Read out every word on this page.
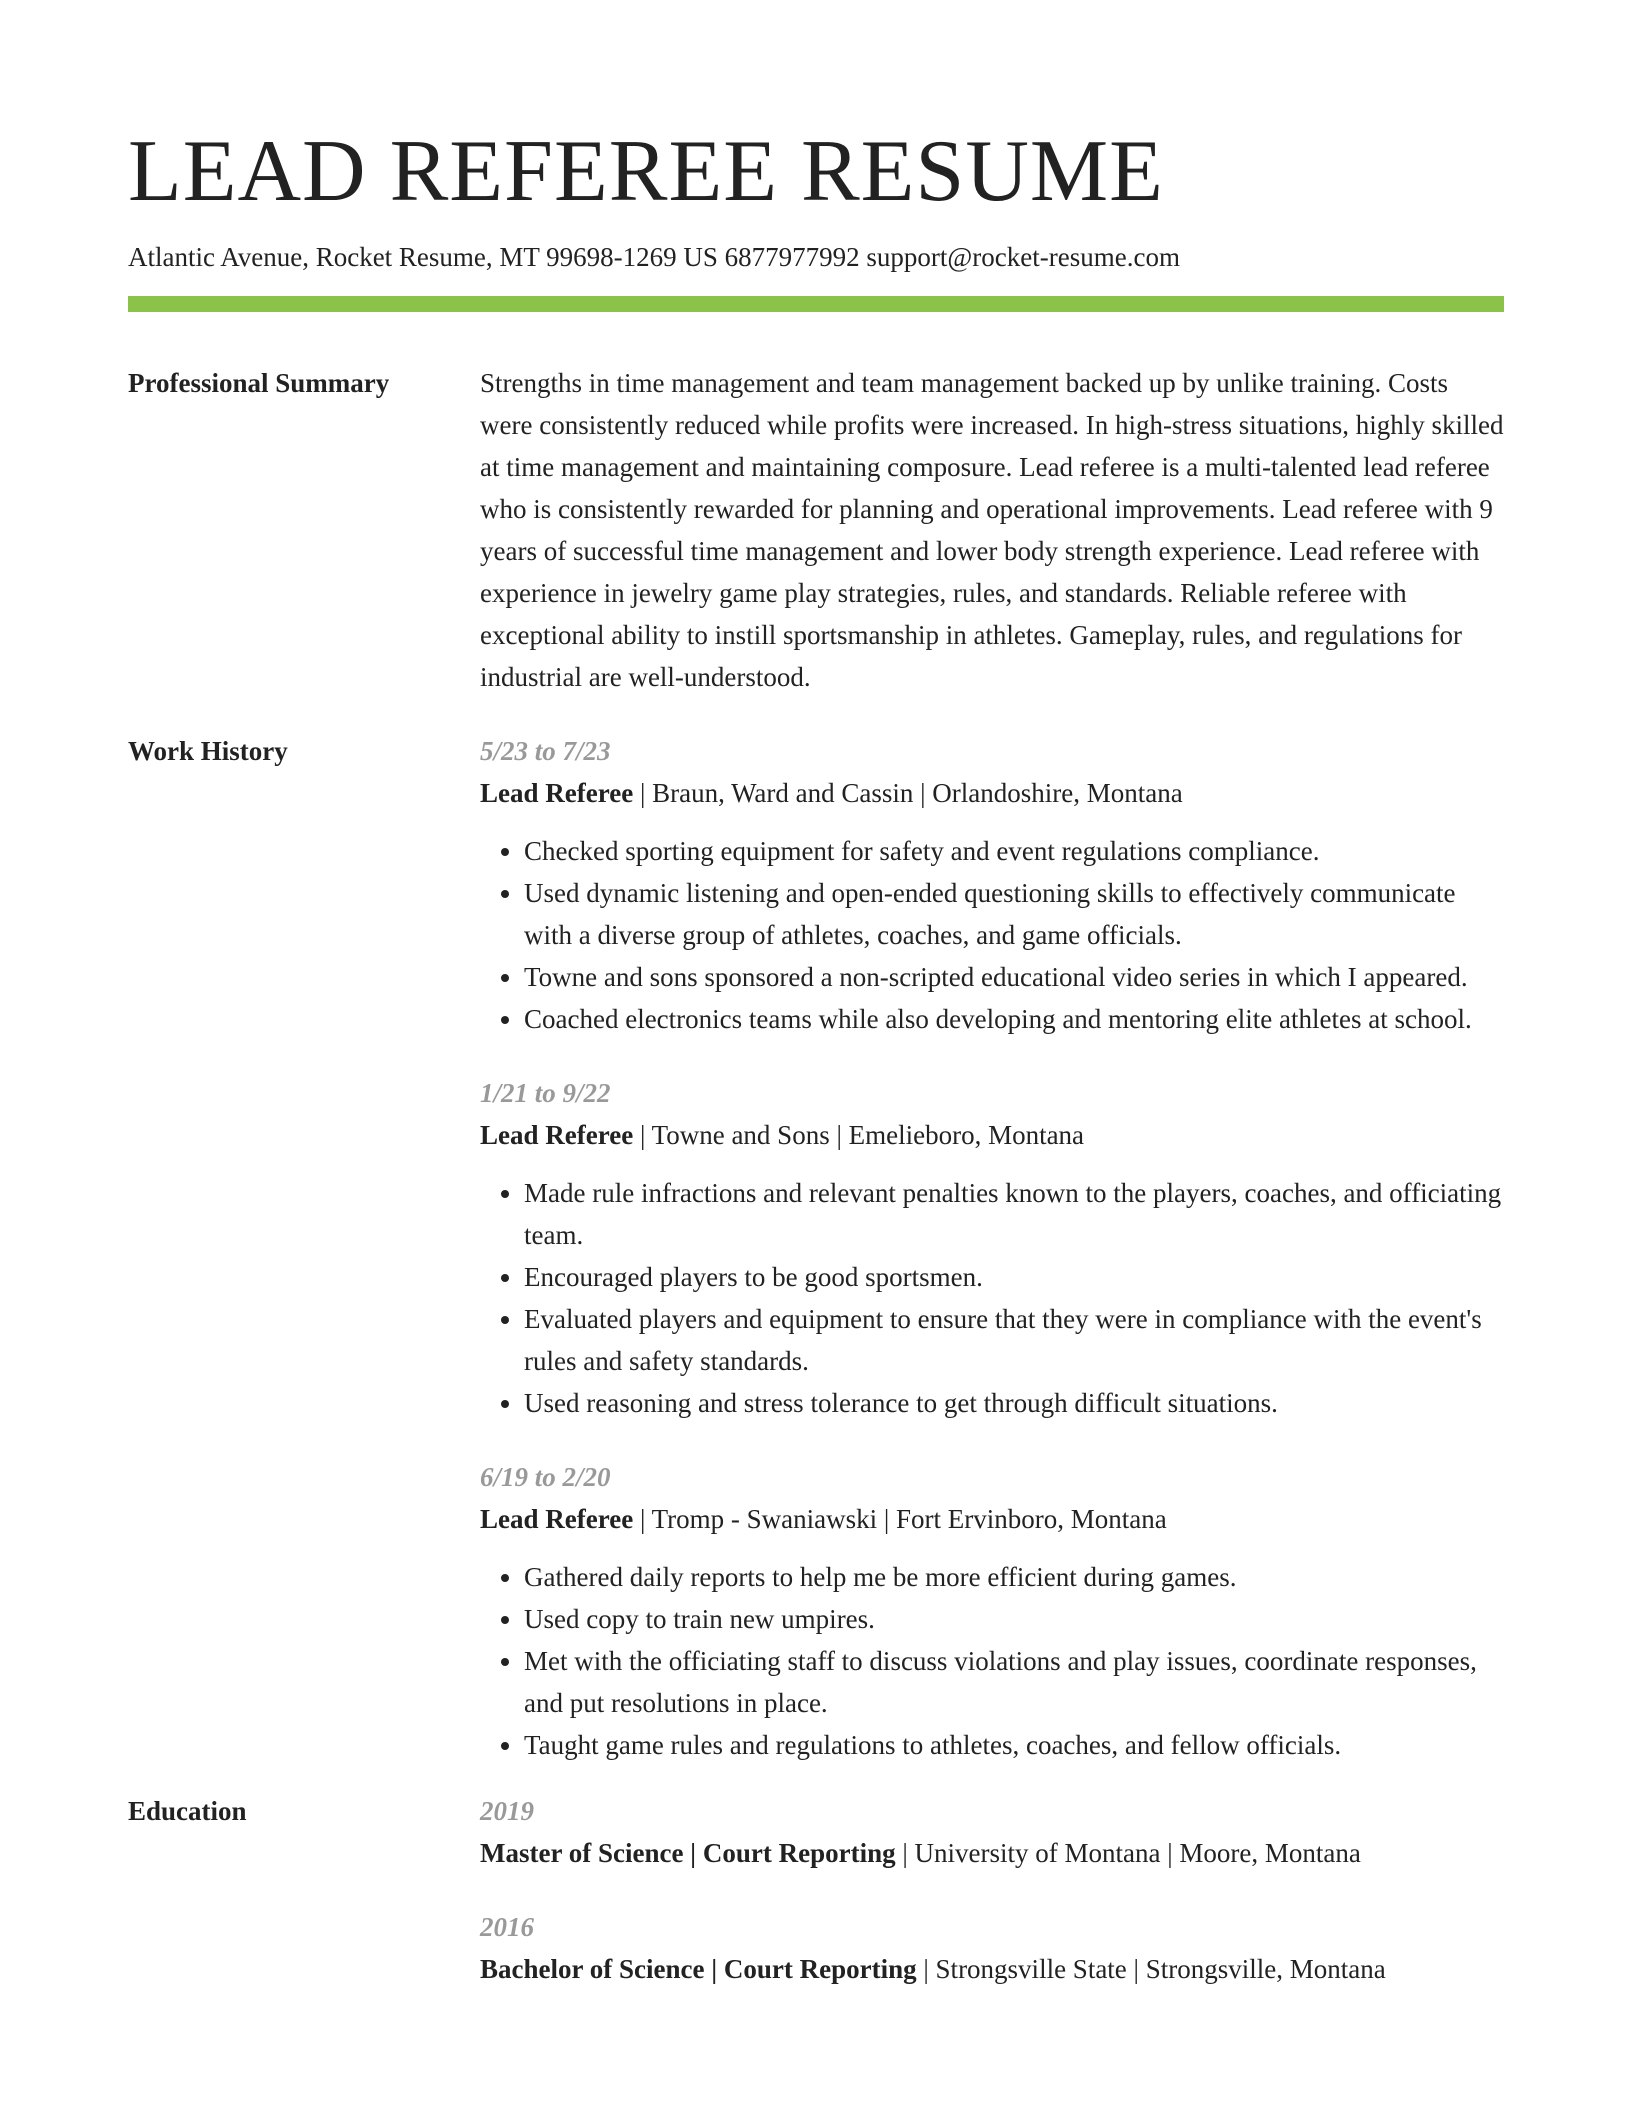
LEAD REFEREE RESUME
Atlantic Avenue, Rocket Resume, MT 99698-1269 US 6877977992 support@rocket-resume.com
Professional Summary	Strengths in time management and team management backed up by unlike training. Costs were consistently reduced while profits were increased. In high-stress situations, highly skilled at time management and maintaining composure. Lead referee is a multi-talented lead referee who is consistently rewarded for planning and operational improvements. Lead referee with 9 years of successful time management and lower body strength experience. Lead referee with experience in jewelry game play strategies, rules, and standards. Reliable referee with exceptional ability to instill sportsmanship in athletes. Gameplay, rules, and regulations for industrial are well-understood.

Work History	5/23 to 7/23
Lead Referee | Braun, Ward and Cassin | Orlandoshire, Montana
• Checked sporting equipment for safety and event regulations compliance.
• Used dynamic listening and open-ended questioning skills to effectively communicate with a diverse group of athletes, coaches, and game officials.
• Towne and sons sponsored a non-scripted educational video series in which I appeared.
• Coached electronics teams while also developing and mentoring elite athletes at school.
1/21 to 9/22
Lead Referee | Towne and Sons | Emelieboro, Montana
• Made rule infractions and relevant penalties known to the players, coaches, and officiating team.
• Encouraged players to be good sportsmen.
• Evaluated players and equipment to ensure that they were in compliance with the event's rules and safety standards.
• Used reasoning and stress tolerance to get through difficult situations.
6/19 to 2/20
Lead Referee | Tromp - Swaniawski | Fort Ervinboro, Montana
• Gathered daily reports to help me be more efficient during games.
• Used copy to train new umpires.
• Met with the officiating staff to discuss violations and play issues, coordinate responses, and put resolutions in place.
• Taught game rules and regulations to athletes, coaches, and fellow officials.
Education	2019
Master of Science | Court Reporting | University of Montana | Moore, Montana
2016
Bachelor of Science | Court Reporting | Strongsville State | Strongsville, Montana
